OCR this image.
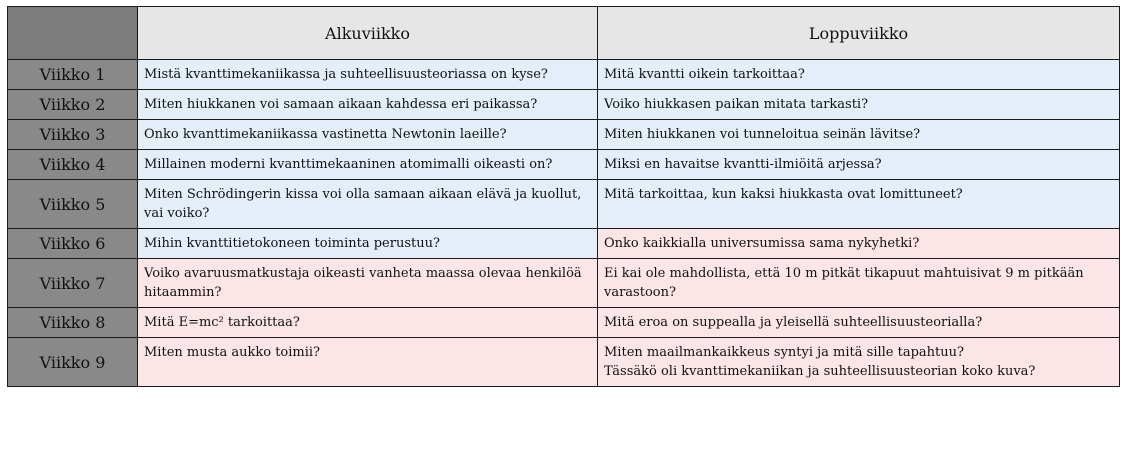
	Alkuviikko	Loppuviikko
Viikko 1	Mistä kvanttimekaniikassa ja suhteellisuusteoriassa on kyse?	Mitä kvantti oikein tarkoittaa?
Viikko 2	Miten hiukkanen voi samaan aikaan kahdessa eri paikassa?	Voiko hiukkasen paikan mitata tarkasti?
Viikko 3	Onko kvanttimekaniikassa vastinetta Newtonin laeille?	Miten hiukkanen voi tunneloitua seinän lävitse?
Viikko 4	Millainen moderni kvanttimekaaninen atomimalli oikeasti on?	Miksi en havaitse kvantti-ilmiöitä arjessa?
Viikko 5	Miten Schrödingerin kissa voi olla samaan aikaan elävä ja kuollut, vai voiko?	Mitä tarkoittaa, kun kaksi hiukkasta ovat lomittuneet?
Viikko 6	Mihin kvanttitietokoneen toiminta perustuu?	Onko kaikkialla universumissa sama nykyhetki?
Viikko 7	Voiko avaruusmatkustaja oikeasti vanheta maassa olevaa henkilöä hitaammin?	Ei kai ole mahdollista, että 10 m pitkät tikapuut mahtuisivat 9 m pitkään varastoon?
Viikko 8	Mitä E=mc² tarkoittaa?	Mitä eroa on suppealla ja yleisellä suhteellisuusteorialla?
Viikko 9	Miten musta aukko toimii?	Miten maailmankaikkeus syntyi ja mitä sille tapahtuu?
Tässäkö oli kvanttimekaniikan ja suhteellisuusteorian koko kuva?
